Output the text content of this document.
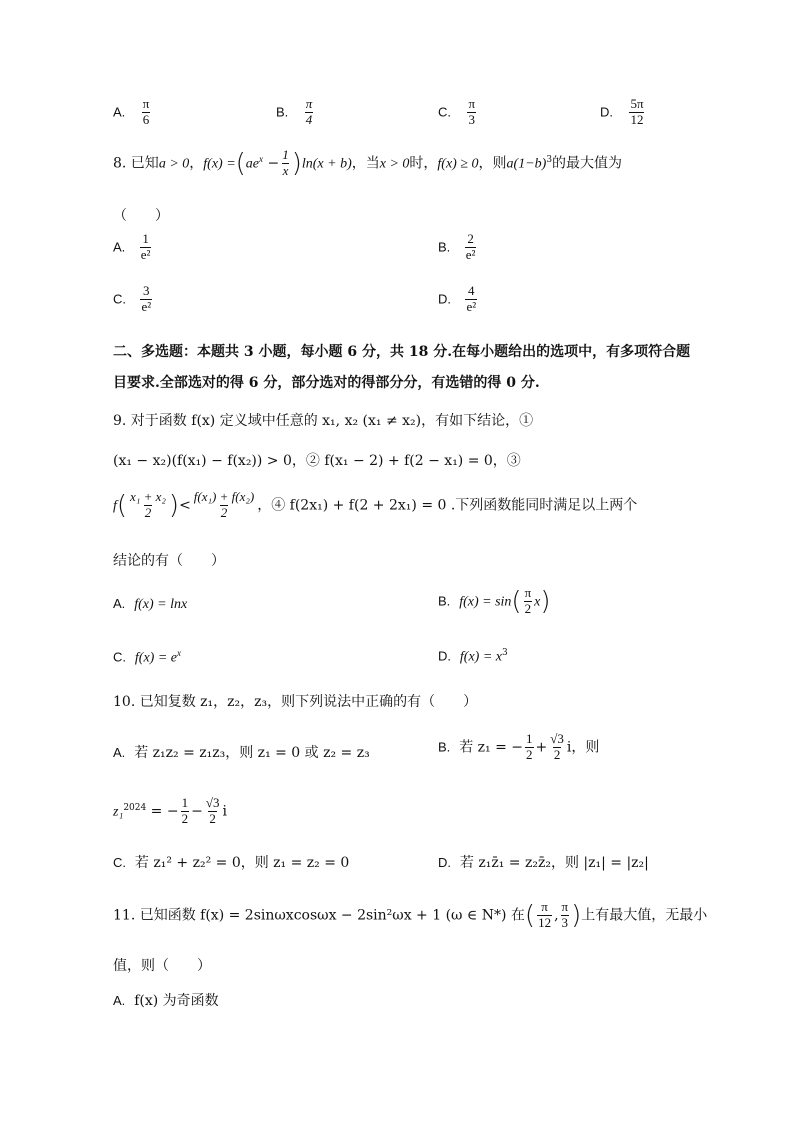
A. $\frac{\pi}{6}$	B. $\frac{\pi}{4}$	C. $\frac{\pi}{3}$	D. $\frac{5\pi}{12}$
8. 已知a > 0，$f(x) =(ae^x - \frac{1}{x} )\ln(x + b)$，当x > 0时，f(x) ≥ 0，则$a(1-b)^3$的最大值为
（　　）
A. $\frac{1}{\text{e²}}$	B. $\frac{2}{\text{e²}}$
C. $\frac{3}{\text{e²}}$	D. $\frac{4}{\text{e²}}$
二、多选题：本题共 3 小题，每小题 6 分，共 18 分.在每小题给出的选项中，有多项符合题
目要求.全部选对的得 6 分，部分选对的得部分分，有选错的得 0 分.
9. 对于函数 f(x) 定义域中任意的 x₁, x₂ (x₁ ≠ x₂)，有如下结论，①
(x₁ − x₂)(f(x₁) − f(x₂)) > 0，② f(x₁ − 2) + f(2 − x₁) = 0，③
$f( \frac{\text{x₁ + x₂}}{2}$ )< $\frac{\text{f(x₁) + f(x₂)}}{2}$ ，④ f(2x₁) + f(2 + 2x₁) = 0 .下列函数能同时满足以上两个
结论的有（　　）
A. f(x) = lnx	B. $f(x) = \sin( \frac{\pi}{2} x)$
C. $f(x) = e^x$	D. $f(x) = x^3$
10. 已知复数 z₁，z₂，z₃，则下列说法中正确的有（　　）
A. 若 z₁z₂ = z₁z₃，则 z₁ = 0 或 z₂ = z₃	B. 若 z₁ = − $\frac{1}{2} + \frac{√3}{2}$ i，则
z₁$^{2024}$ = − $\frac{1}{2} - \frac{√3}{2}$ i
C. 若 z₁² + z₂² = 0，则 z₁ = z₂ = 0	D. 若 z₁z̄₁ = z₂z̄₂，则 |z₁| = |z₂|
11. 已知函数 f(x) = 2sinωxcosωx − 2sin²ωx + 1 (ω ∈ N*) 在( $\frac{\pi}{12}$ , $\frac{\pi}{3}$ )上有最大值，无最小
值，则（　　）
A. f(x) 为奇函数
